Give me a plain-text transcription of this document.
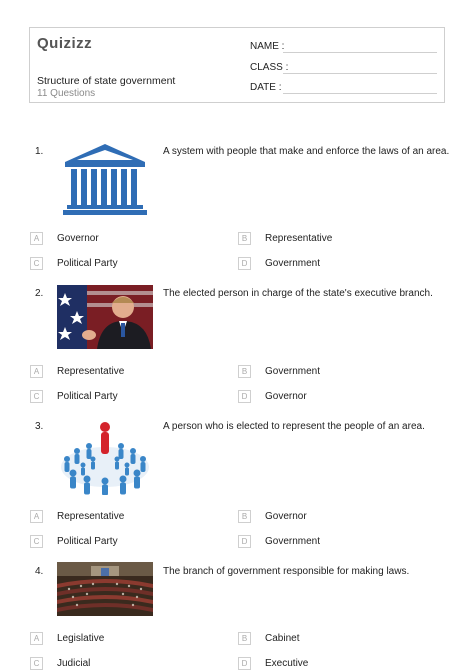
Quizizz
Structure of state government
11 Questions
NAME :
CLASS :
DATE :
1.	A system with people that make and enforce the laws of an area.
A	Governor	B	Representative
C	Political Party	D	Government
2.	The elected person in charge of the state's executive branch.
A	Representative	B	Government
C	Political Party	D	Governor
3.	A person who is elected to represent the people of an area.
A	Representative	B	Governor
C	Political Party	D	Government
4.	The branch of government responsible for making laws.
A	Legislative	B	Cabinet
C	Judicial	D	Executive
